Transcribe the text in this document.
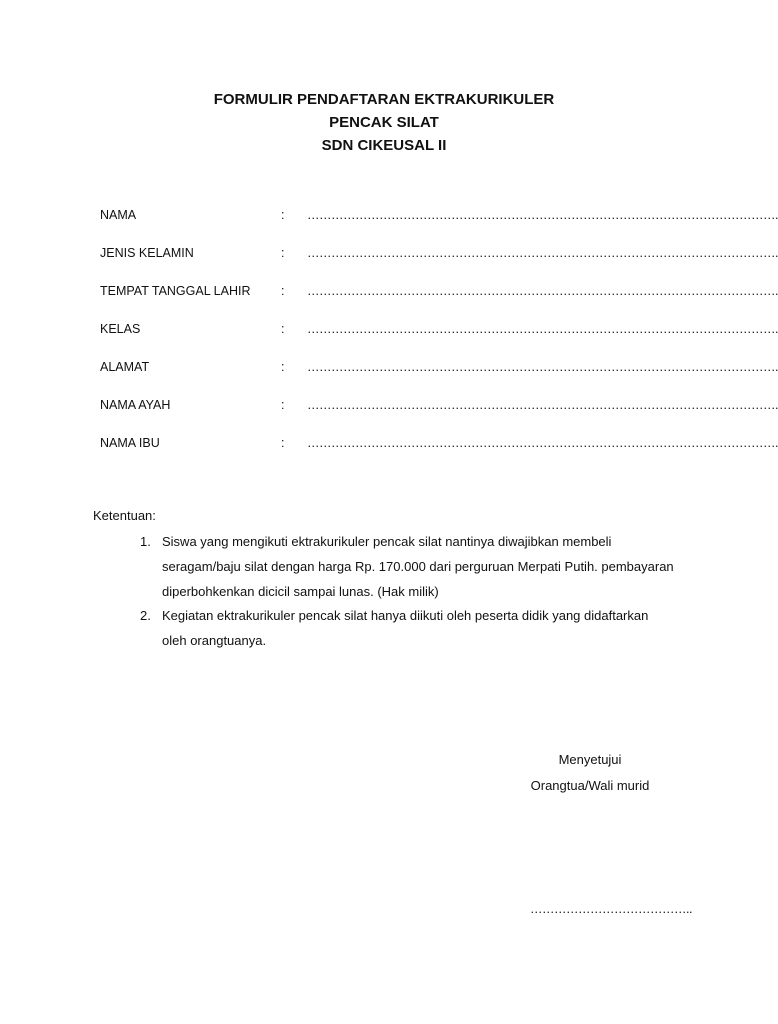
FORMULIR PENDAFTARAN EKTRAKURIKULER
PENCAK SILAT
SDN CIKEUSAL II
NAMA	: ……………………………………………………………………………………………………….
JENIS KELAMIN	: ……………………………………………………………………………………………………….
TEMPAT TANGGAL LAHIR : ……………………………………………………………………………………………………….
KELAS	: ……………………………………………………………………………………………………….
ALAMAT	: ……………………………………………………………………………………………………….
NAMA AYAH	: ……………………………………………………………………………………………………….
NAMA IBU	: ……………………………………………………………………………………………………….
Ketentuan:
1. Siswa yang mengikuti ektrakurikuler pencak silat nantinya diwajibkan membeli
seragam/baju silat dengan harga Rp. 170.000 dari perguruan Merpati Putih. pembayaran
diperbohkenkan dicicil sampai lunas. (Hak milik)
2. Kegiatan ektrakurikuler pencak silat hanya diikuti oleh peserta didik yang didaftarkan
oleh orangtuanya.
Menyetujui
Orangtua/Wali murid
…………………………………..
